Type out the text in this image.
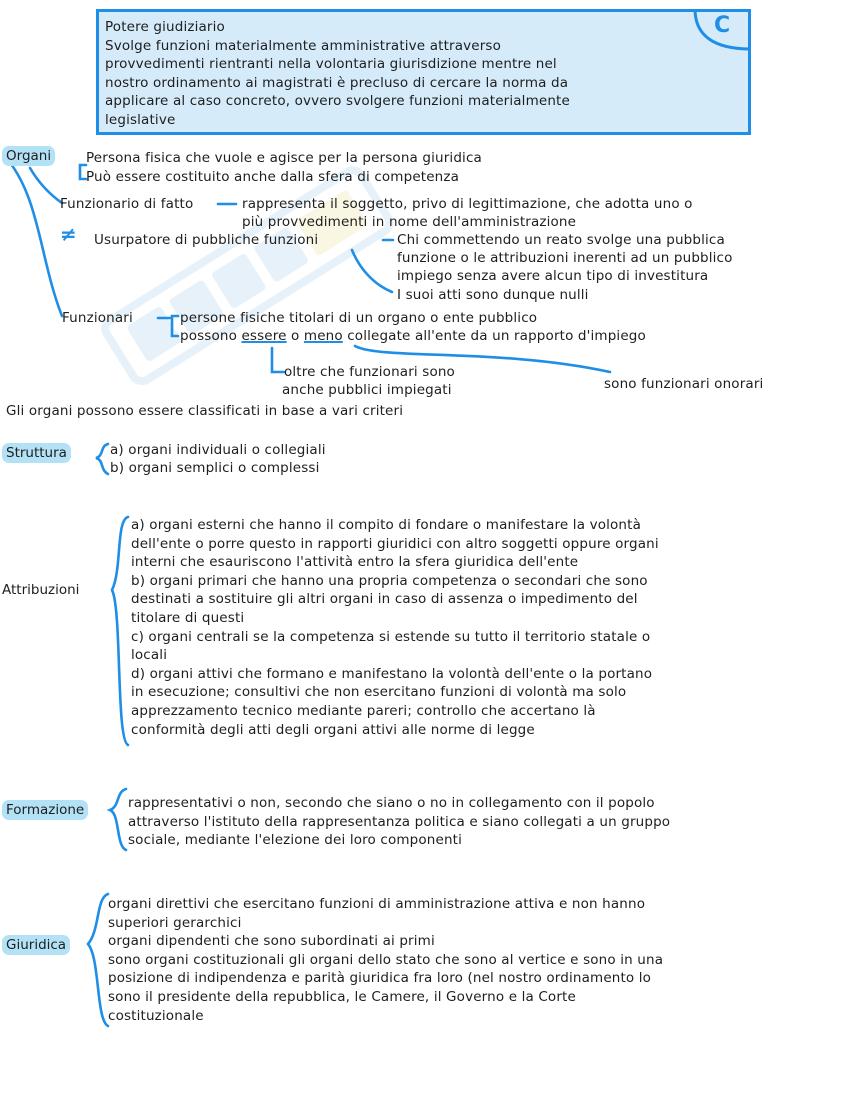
Potere giudiziario
Svolge funzioni materialmente amministrative attraverso
provvedimenti rientranti nella volontaria giurisdizione mentre nel
nostro ordinamento ai magistrati è precluso di cercare la norma da
applicare al caso concreto, ovvero svolgere funzioni materialmente
legislative
C
Organi	Persona fisica che vuole e agisce per la persona giuridica
Può essere costituito anche dalla sfera di competenza
Funzionario di fatto	rappresenta il soggetto, privo di legittimazione, che adotta uno o
più provvedimenti in nome dell'amministrazione
≠ Usurpatore di pubbliche funzioni	Chi commettendo un reato svolge una pubblica
funzione o le attribuzioni inerenti ad un pubblico
impiego senza avere alcun tipo di investitura
I suoi atti sono dunque nulli
Funzionari	persone fisiche titolari di un organo o ente pubblico
possono essere o meno collegate all'ente da un rapporto d'impiego
oltre che funzionari sono
anche pubblici impiegati	sono funzionari onorari
Gli organi possono essere classificati in base a vari criteri
Struttura	a) organi individuali o collegiali
b) organi semplici o complessi
Attribuzioni
a) organi esterni che hanno il compito di fondare o manifestare la volontà
dell'ente o porre questo in rapporti giuridici con altro soggetti oppure organi
interni che esauriscono l'attività entro la sfera giuridica dell'ente
b) organi primari che hanno una propria competenza o secondari che sono
destinati a sostituire gli altri organi in caso di assenza o impedimento del
titolare di questi
c) organi centrali se la competenza si estende su tutto il territorio statale o
locali
d) organi attivi che formano e manifestano la volontà dell'ente o la portano
in esecuzione; consultivi che non esercitano funzioni di volontà ma solo
apprezzamento tecnico mediante pareri; controllo che accertano là
conformità degli atti degli organi attivi alle norme di legge
Formazione	rappresentativi o non, secondo che siano o no in collegamento con il popolo
attraverso l'istituto della rappresentanza politica e siano collegati a un gruppo
sociale, mediante l'elezione dei loro componenti
Giuridica
organi direttivi che esercitano funzioni di amministrazione attiva e non hanno
superiori gerarchici
organi dipendenti che sono subordinati ai primi
sono organi costituzionali gli organi dello stato che sono al vertice e sono in una
posizione di indipendenza e parità giuridica fra loro (nel nostro ordinamento lo
sono il presidente della repubblica, le Camere, il Governo e la Corte
costituzionale
